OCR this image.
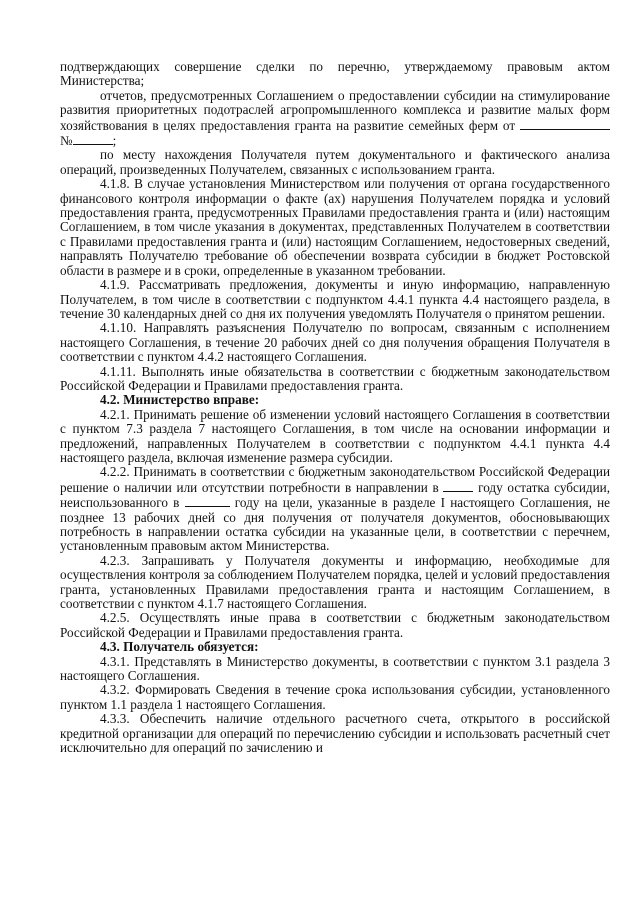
подтверждающих совершение сделки по перечню, утверждаемому правовым актом Министерства;

отчетов, предусмотренных Соглашением о предоставлении субсидии на стимулирование развития приоритетных подотраслей агропромышленного комплекса и развитие малых форм хозяйствования в целях предоставления гранта на развитие семейных ферм от  №	;

по месту нахождения Получателя путем документального и фактического анализа операций, произведенных Получателем, связанных с использованием гранта.

4.1.8. В случае установления Министерством или получения от органа государственного финансового контроля информации о факте (ах) нарушения Получателем порядка и условий предоставления гранта, предусмотренных Правилами предоставления гранта и (или) настоящим Соглашением, в том числе указания в документах, представленных Получателем в соответствии с Правилами предоставления гранта и (или) настоящим Соглашением, недостоверных сведений, направлять Получателю требование об обеспечении возврата субсидии в бюджет Ростовской области в размере и в сроки, определенные в указанном требовании.

4.1.9. Рассматривать предложения, документы и иную информацию, направленную Получателем, в том числе в соответствии с подпунктом 4.4.1 пункта 4.4 настоящего раздела, в течение 30 календарных дней со дня их получения уведомлять Получателя о принятом решении.

4.1.10. Направлять разъяснения Получателю по вопросам, связанным с исполнением настоящего Соглашения, в течение 20 рабочих дней со дня получения обращения Получателя в соответствии с пунктом 4.4.2 настоящего Соглашения.

4.1.11. Выполнять иные обязательства в соответствии с бюджетным законодательством Российской Федерации и Правилами предоставления гранта.

4.2. Министерство вправе:

4.2.1. Принимать решение об изменении условий настоящего Соглашения в соответствии с пунктом 7.3 раздела 7 настоящего Соглашения, в том числе на основании информации и предложений, направленных Получателем в соответствии с подпунктом 4.4.1 пункта 4.4 настоящего раздела, включая изменение размера субсидии.

4.2.2. Принимать в соответствии с бюджетным законодательством Российской Федерации решение о наличии или отсутствии потребности в направлении в	году остатка субсидии, неиспользованного в	году на цели, указанные в разделе I настоящего Соглашения, не позднее 13 рабочих дней со дня получения от получателя документов, обосновывающих потребность в направлении остатка субсидии на указанные цели, в соответствии с перечнем, установленным правовым актом Министерства.

4.2.3. Запрашивать у Получателя документы и информацию, необходимые для осуществления контроля за соблюдением Получателем порядка, целей и условий предоставления гранта, установленных Правилами предоставления гранта и настоящим Соглашением, в соответствии с пунктом 4.1.7 настоящего Соглашения.

4.2.5. Осуществлять иные права в соответствии с бюджетным законодательством Российской Федерации и Правилами предоставления гранта.

4.3. Получатель обязуется:

4.3.1. Представлять в Министерство документы, в соответствии с пунктом 3.1 раздела 3 настоящего Соглашения.

4.3.2. Формировать Сведения в течение срока использования субсидии, установленного пунктом 1.1 раздела 1 настоящего Соглашения.

4.3.3. Обеспечить наличие отдельного расчетного счета, открытого в российской кредитной организации для операций по перечислению субсидии и использовать расчетный счет исключительно для операций по зачислению и
